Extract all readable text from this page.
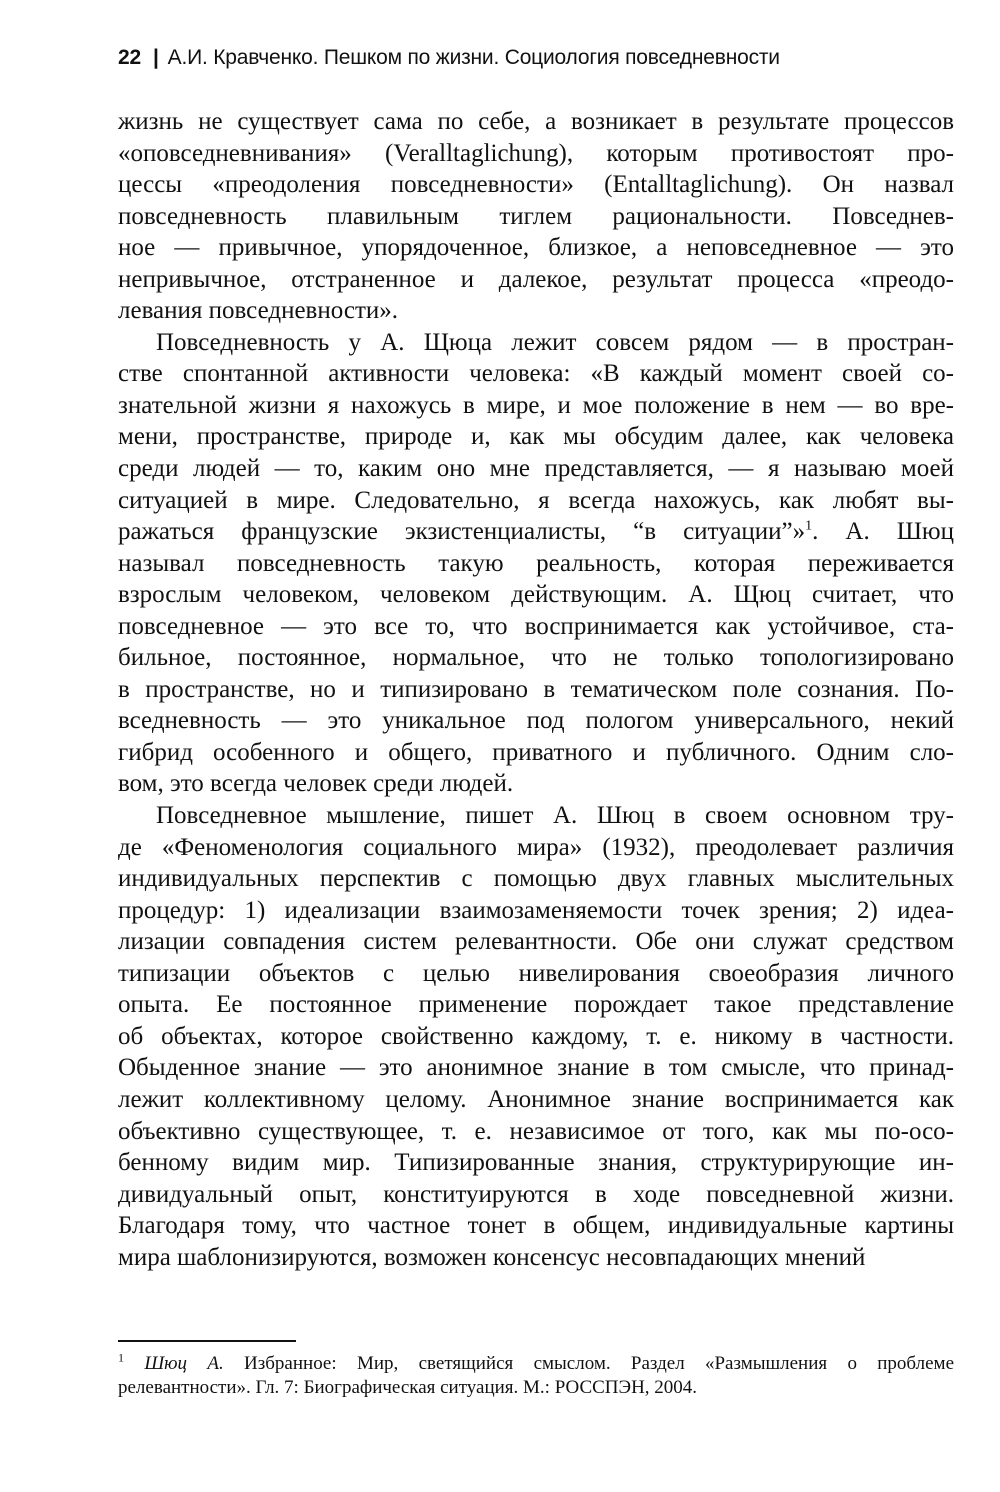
22 | А.И. Кравченко. Пешком по жизни. Социология повседневности

жизнь не существует сама по себе, а возникает в результате процессов
«оповседневнивания» (Veralltaglichung), которым противостоят про-
цессы «преодоления повседневности» (Entalltaglichung). Он назвал
повседневность плавильным тиглем рациональности. Повседнев-
ное — привычное, упорядоченное, близкое, а неповседневное — это
непривычное, отстраненное и далекое, результат процесса «преодо-
левания повседневности».

Повседневность у А. Щюца лежит совсем рядом — в простран-
стве спонтанной активности человека: «В каждый момент своей со-
знательной жизни я нахожусь в мире, и мое положение в нем — во вре-
мени, пространстве, природе и, как мы обсудим далее, как человека
среди людей — то, каким оно мне представляется, — я называю моей
ситуацией в мире. Следовательно, я всегда нахожусь, как любят вы-
ражаться французские экзистенциалисты, “в ситуации”»$^1$. А. Шюц
называл повседневность такую реальность, которая переживается
взрослым человеком, человеком действующим. А. Щюц считает, что
повседневное — это все то, что воспринимается как устойчивое, ста-
бильное, постоянное, нормальное, что не только топологизировано
в пространстве, но и типизировано в тематическом поле сознания. По-
вседневность — это уникальное под пологом универсального, некий
гибрид особенного и общего, приватного и публичного. Одним сло-
вом, это всегда человек среди людей.

Повседневное мышление, пишет А. Шюц в своем основном тру-
де «Феноменология социального мира» (1932), преодолевает различия
индивидуальных перспектив с помощью двух главных мыслительных
процедур: 1) идеализации взаимозаменяемости точек зрения; 2) идеа-
лизации совпадения систем релевантности. Обе они служат средством
типизации объектов с целью нивелирования своеобразия личного
опыта. Ее постоянное применение порождает такое представление
об объектах, которое свойственно каждому, т. е. никому в частности.
Обыденное знание — это анонимное знание в том смысле, что принад-
лежит коллективному целому. Анонимное знание воспринимается как
объективно существующее, т. е. независимое от того, как мы по-осо-
бенному видим мир. Типизированные знания, структурирующие ин-
дивидуальный опыт, конституируются в ходе повседневной жизни.
Благодаря тому, что частное тонет в общем, индивидуальные картины
мира шаблонизируются, возможен консенсус несовпадающих мнений

$^1$ Шюц А. Избранное: Мир, светящийся смыслом. Раздел «Размышления о проблеме
релевантности». Гл. 7: Биографическая ситуация. М.: РОССПЭН, 2004.
